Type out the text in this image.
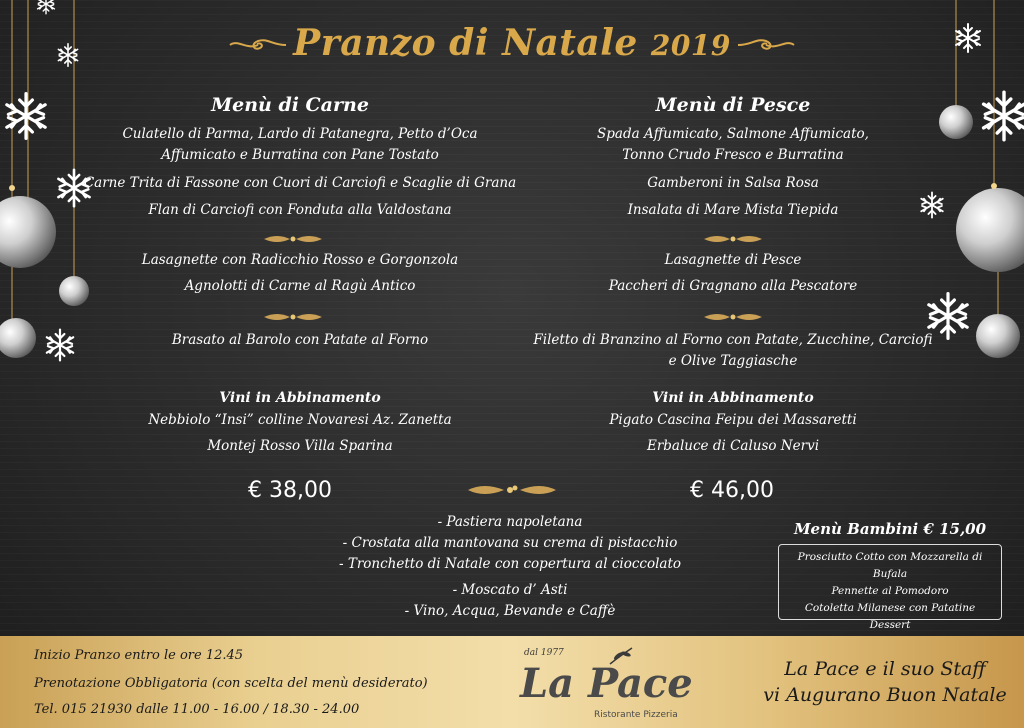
Pranzo di Natale 2019
Menù di Carne
Culatello di Parma, Lardo di Patanegra, Petto d’Oca
Affumicato e Burratina con Pane Tostato
Carne Trita di Fassone con Cuori di Carciofi e Scaglie di Grana
Flan di Carciofi con Fonduta alla Valdostana
Lasagnette con Radicchio Rosso e Gorgonzola
Agnolotti di Carne al Ragù Antico
Brasato al Barolo con Patate al Forno
Vini in Abbinamento
Nebbiolo “Insi” colline Novaresi Az. Zanetta
Montej Rosso Villa Sparina
€ 38,00
Menù di Pesce
Spada Affumicato, Salmone Affumicato,
Tonno Crudo Fresco e Burratina
Gamberoni in Salsa Rosa
Insalata di Mare Mista Tiepida
Lasagnette di Pesce
Paccheri di Gragnano alla Pescatore
Filetto di Branzino al Forno con Patate, Zucchine, Carciofi
e Olive Taggiasche
Vini in Abbinamento
Pigato Cascina Feipu dei Massaretti
Erbaluce di Caluso Nervi
€ 46,00
- Pastiera napoletana
- Crostata alla mantovana su crema di pistacchio
- Tronchetto di Natale con copertura al cioccolato
- Moscato d’ Asti
- Vino, Acqua, Bevande e Caffè
Menù Bambini € 15,00
Prosciutto Cotto con Mozzarella di Bufala
Pennette al Pomodoro
Cotoletta Milanese con Patatine
Dessert
Inizio Pranzo entro le ore 12.45
Prenotazione Obbligatoria (con scelta del menù desiderato)
Tel. 015 21930 dalle 11.00 - 16.00 / 18.30 - 24.00
dal 1977
La Pace
Ristorante Pizzeria
La Pace e il suo Staff
vi Augurano Buon Natale
